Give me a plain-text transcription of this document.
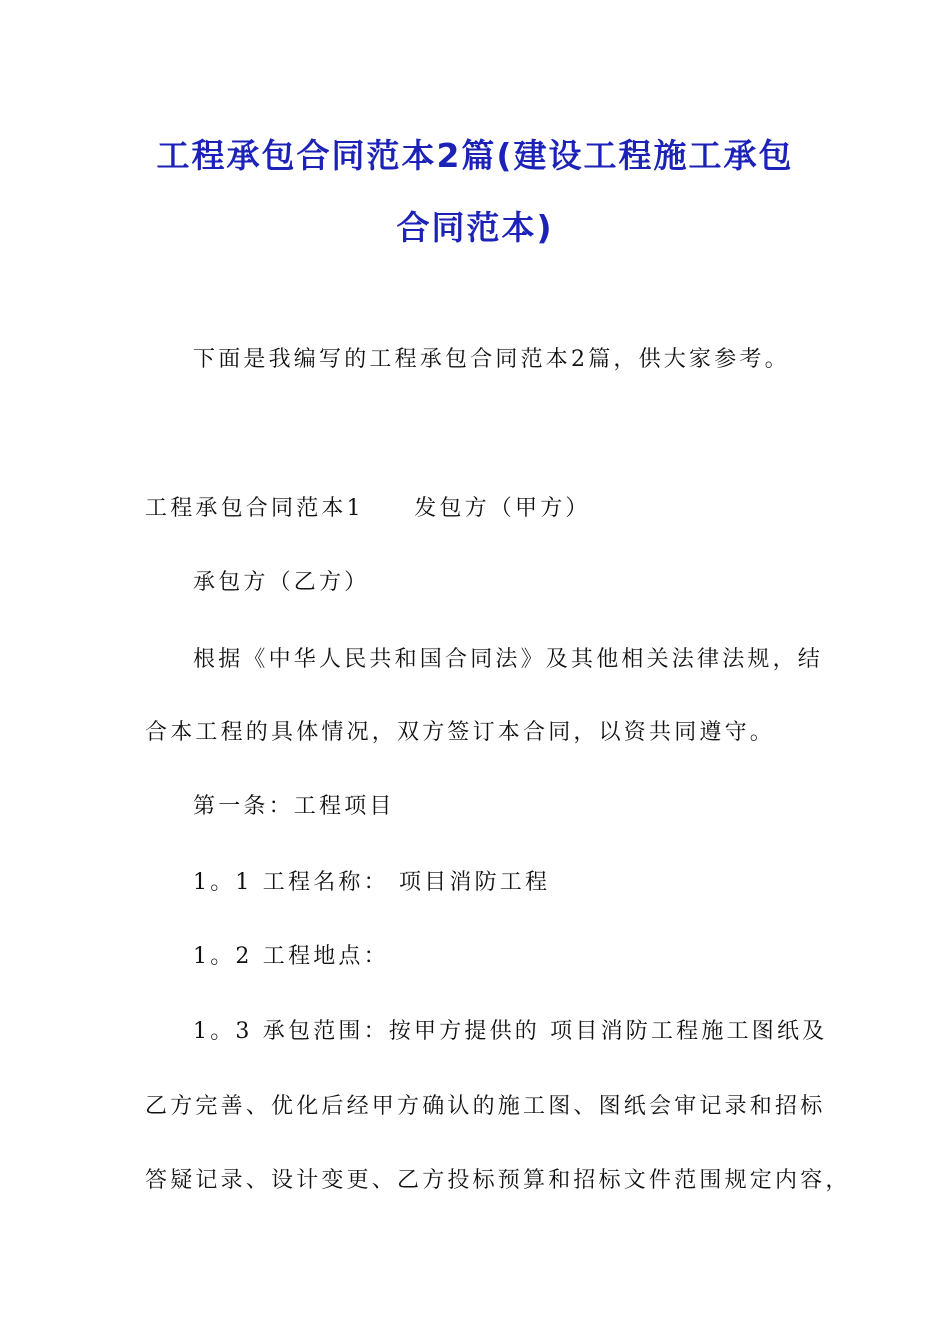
工程承包合同范本2篇(建设工程施工承包
合同范本)
下面是我编写的工程承包合同范本2篇，供大家参考。
工程承包合同范本1　　发包方（甲方）
承包方（乙方）
根据《中华人民共和国合同法》及其他相关法律法规，结
合本工程的具体情况，双方签订本合同，以资共同遵守。
第一条：工程项目
1。1 工程名称： 项目消防工程
1。2 工程地点：
1。3 承包范围：按甲方提供的 项目消防工程施工图纸及
乙方完善、优化后经甲方确认的施工图、图纸会审记录和招标
答疑记录、设计变更、乙方投标预算和招标文件范围规定内容，
